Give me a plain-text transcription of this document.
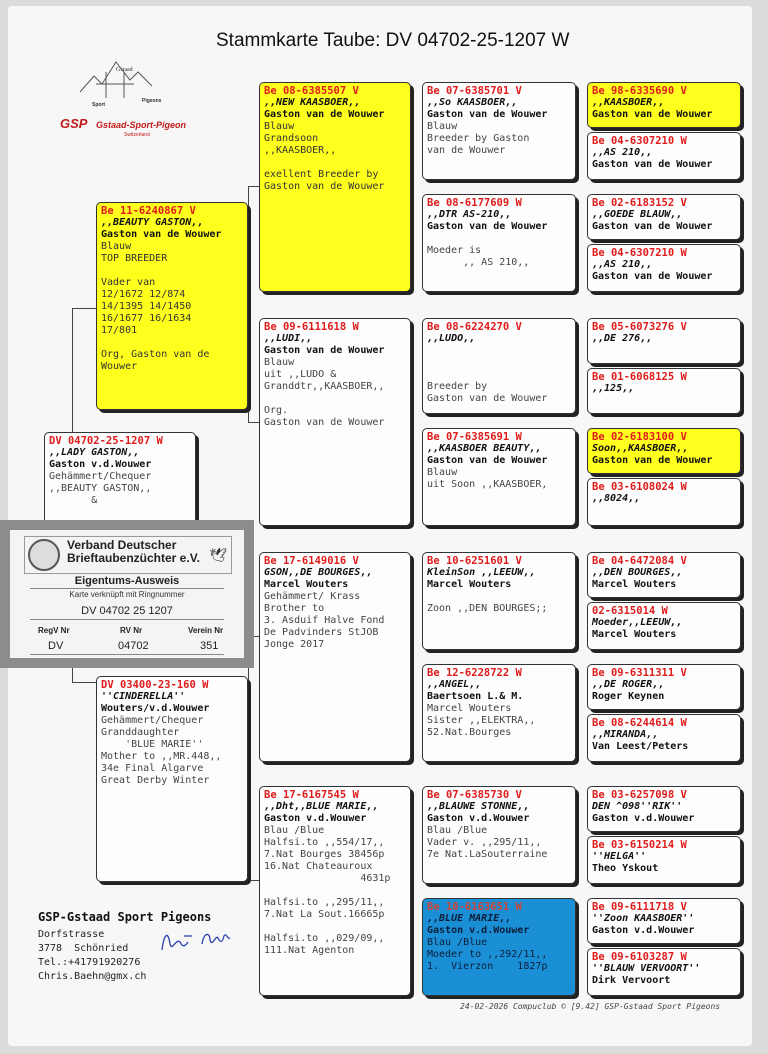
Stammkarte Taube: DV 04702-25-1207 W
Gstaad
Sport
Pigeons
GSP Gstaad-Sport-Pigeon
Switzerland
DV 04702-25-1207 W
,,LADY GASTON,,
Gaston v.d.Wouwer
Gehämmert/Chequer
,,BEAUTY GASTON,,
&
Be 11-6240867 V
,,BEAUTY GASTON,,
Gaston van de Wouwer
Blauw
TOP BREEDER

Vader van
12/1672 12/874
14/1395 14/1450
16/1677 16/1634
17/801

Org, Gaston van de
Wouwer
DV 03400-23-160 W
''CINDERELLA''
Wouters/v.d.Wouwer
Gehämmert/Chequer
Granddaughter
'BLUE MARIE''
Mother to ,,MR.448,,
34e Final Algarve
Great Derby Winter
Be 08-6385507 V
,,NEW KAASBOER,,
Gaston van de Wouwer
Blauw
Grandsoon
,,KAASBOER,,

exellent Breeder by
Gaston van de Wouwer
Be 09-6111618 W
,,LUDI,,
Gaston van de Wouwer
Blauw
uit ,,LUDO &
Granddtr,,KAASBOER,,

Org.
Gaston van de Wouwer
Be 17-6149016 V
GSON,,DE BOURGES,,
Marcel Wouters
Gehämmert/ Krass
Brother to
3. Asduif Halve Fond
De Padvinders StJOB
Jonge 2017
Be 17-6167545 W
,,Dht,,BLUE MARIE,,
Gaston v.d.Wouwer
Blau /Blue
Halfsi.to ,,554/17,,
7.Nat Bourges 38456p
16.Nat Chateauroux
4631p

Halfsi.to ,,295/11,,
7.Nat La Sout.16665p

Halfsi.to ,,029/09,,
111.Nat Agenton
Be 07-6385701 V
,,So KAASBOER,,
Gaston van de Wouwer
Blauw
Breeder by Gaston
van de Wouwer
Be 08-6177609 W
,,DTR AS-210,,
Gaston van de Wouwer

Moeder is
,, AS 210,,
Be 08-6224270 V
,,LUDO,,

Breeder by
Gaston van de Wouwer
Be 07-6385691 W
,,KAASBOER BEAUTY,,
Gaston van de Wouwer
Blauw
uit Soon ,,KAASBOER,
Be 10-6251601 V
KleinSon ,,LEEUW,,
Marcel Wouters

Zoon ,,DEN BOURGES;;
Be 12-6228722 W
,,ANGEL,,
Baertsoen L.& M.
Marcel Wouters
Sister ,,ELEKTRA,,
52.Nat.Bourges
Be 07-6385730 V
,,BLAUWE STONNE,,
Gaston v.d.Wouwer
Blau /Blue
Vader v. ,,295/11,,
7e Nat.LaSouterraine
Be 10-6163651 W
,,BLUE MARIE,,
Gaston v.d.Wouwer
Blau /Blue
Moeder to ,,292/11,,
1.  Vierzon    1827p
Be 98-6335690 V
,,KAASBOER,,
Gaston van de Wouwer
Be 04-6307210 W
,,AS 210,,
Gaston van de Wouwer
Be 02-6183152 V
,,GOEDE BLAUW,,
Gaston van de Wouwer
Be 04-6307210 W
,,AS 210,,
Gaston van de Wouwer
Be 05-6073276 V
,,DE 276,,
Be 01-6068125 W
,,125,,
Be 02-6183100 V
Soon,,KAASBOER,,
Gaston van de Wouwer
Be 03-6108024 W
,,8024,,
Be 04-6472084 V
,,DEN BOURGES,,
Marcel Wouters
02-6315014 W
Moeder,,LEEUW,,
Marcel Wouters
Be 09-6311311 V
,,DE ROGER,,
Roger Keynen
Be 08-6244614 W
,,MIRANDA,,
Van Leest/Peters
Be 03-6257098 V
DEN ^098''RIK''
Gaston v.d.Wouwer
Be 03-6150214 W
''HELGA''
Theo Yskout
Be 09-6111718 V
''Zoon KAASBOER''
Gaston v.d.Wouwer
Be 09-6103287 W
''BLAUW VERVOORT''
Dirk Vervoort
Verband Deutscher
Brieftaubenzüchter e.V. 🕊
Eigentums-Ausweis
Karte verknüpft mit Ringnummer
DV 04702 25 1207
RegV Nr	RV Nr	Verein Nr
DV	04702	351
GSP-Gstaad Sport Pigeons
Dorfstrasse
3778  Schönried
Tel.:+41791920276
Chris.Baehn@gmx.ch
24-02-2026 Compuclub © [9.42] GSP-Gstaad Sport Pigeons
